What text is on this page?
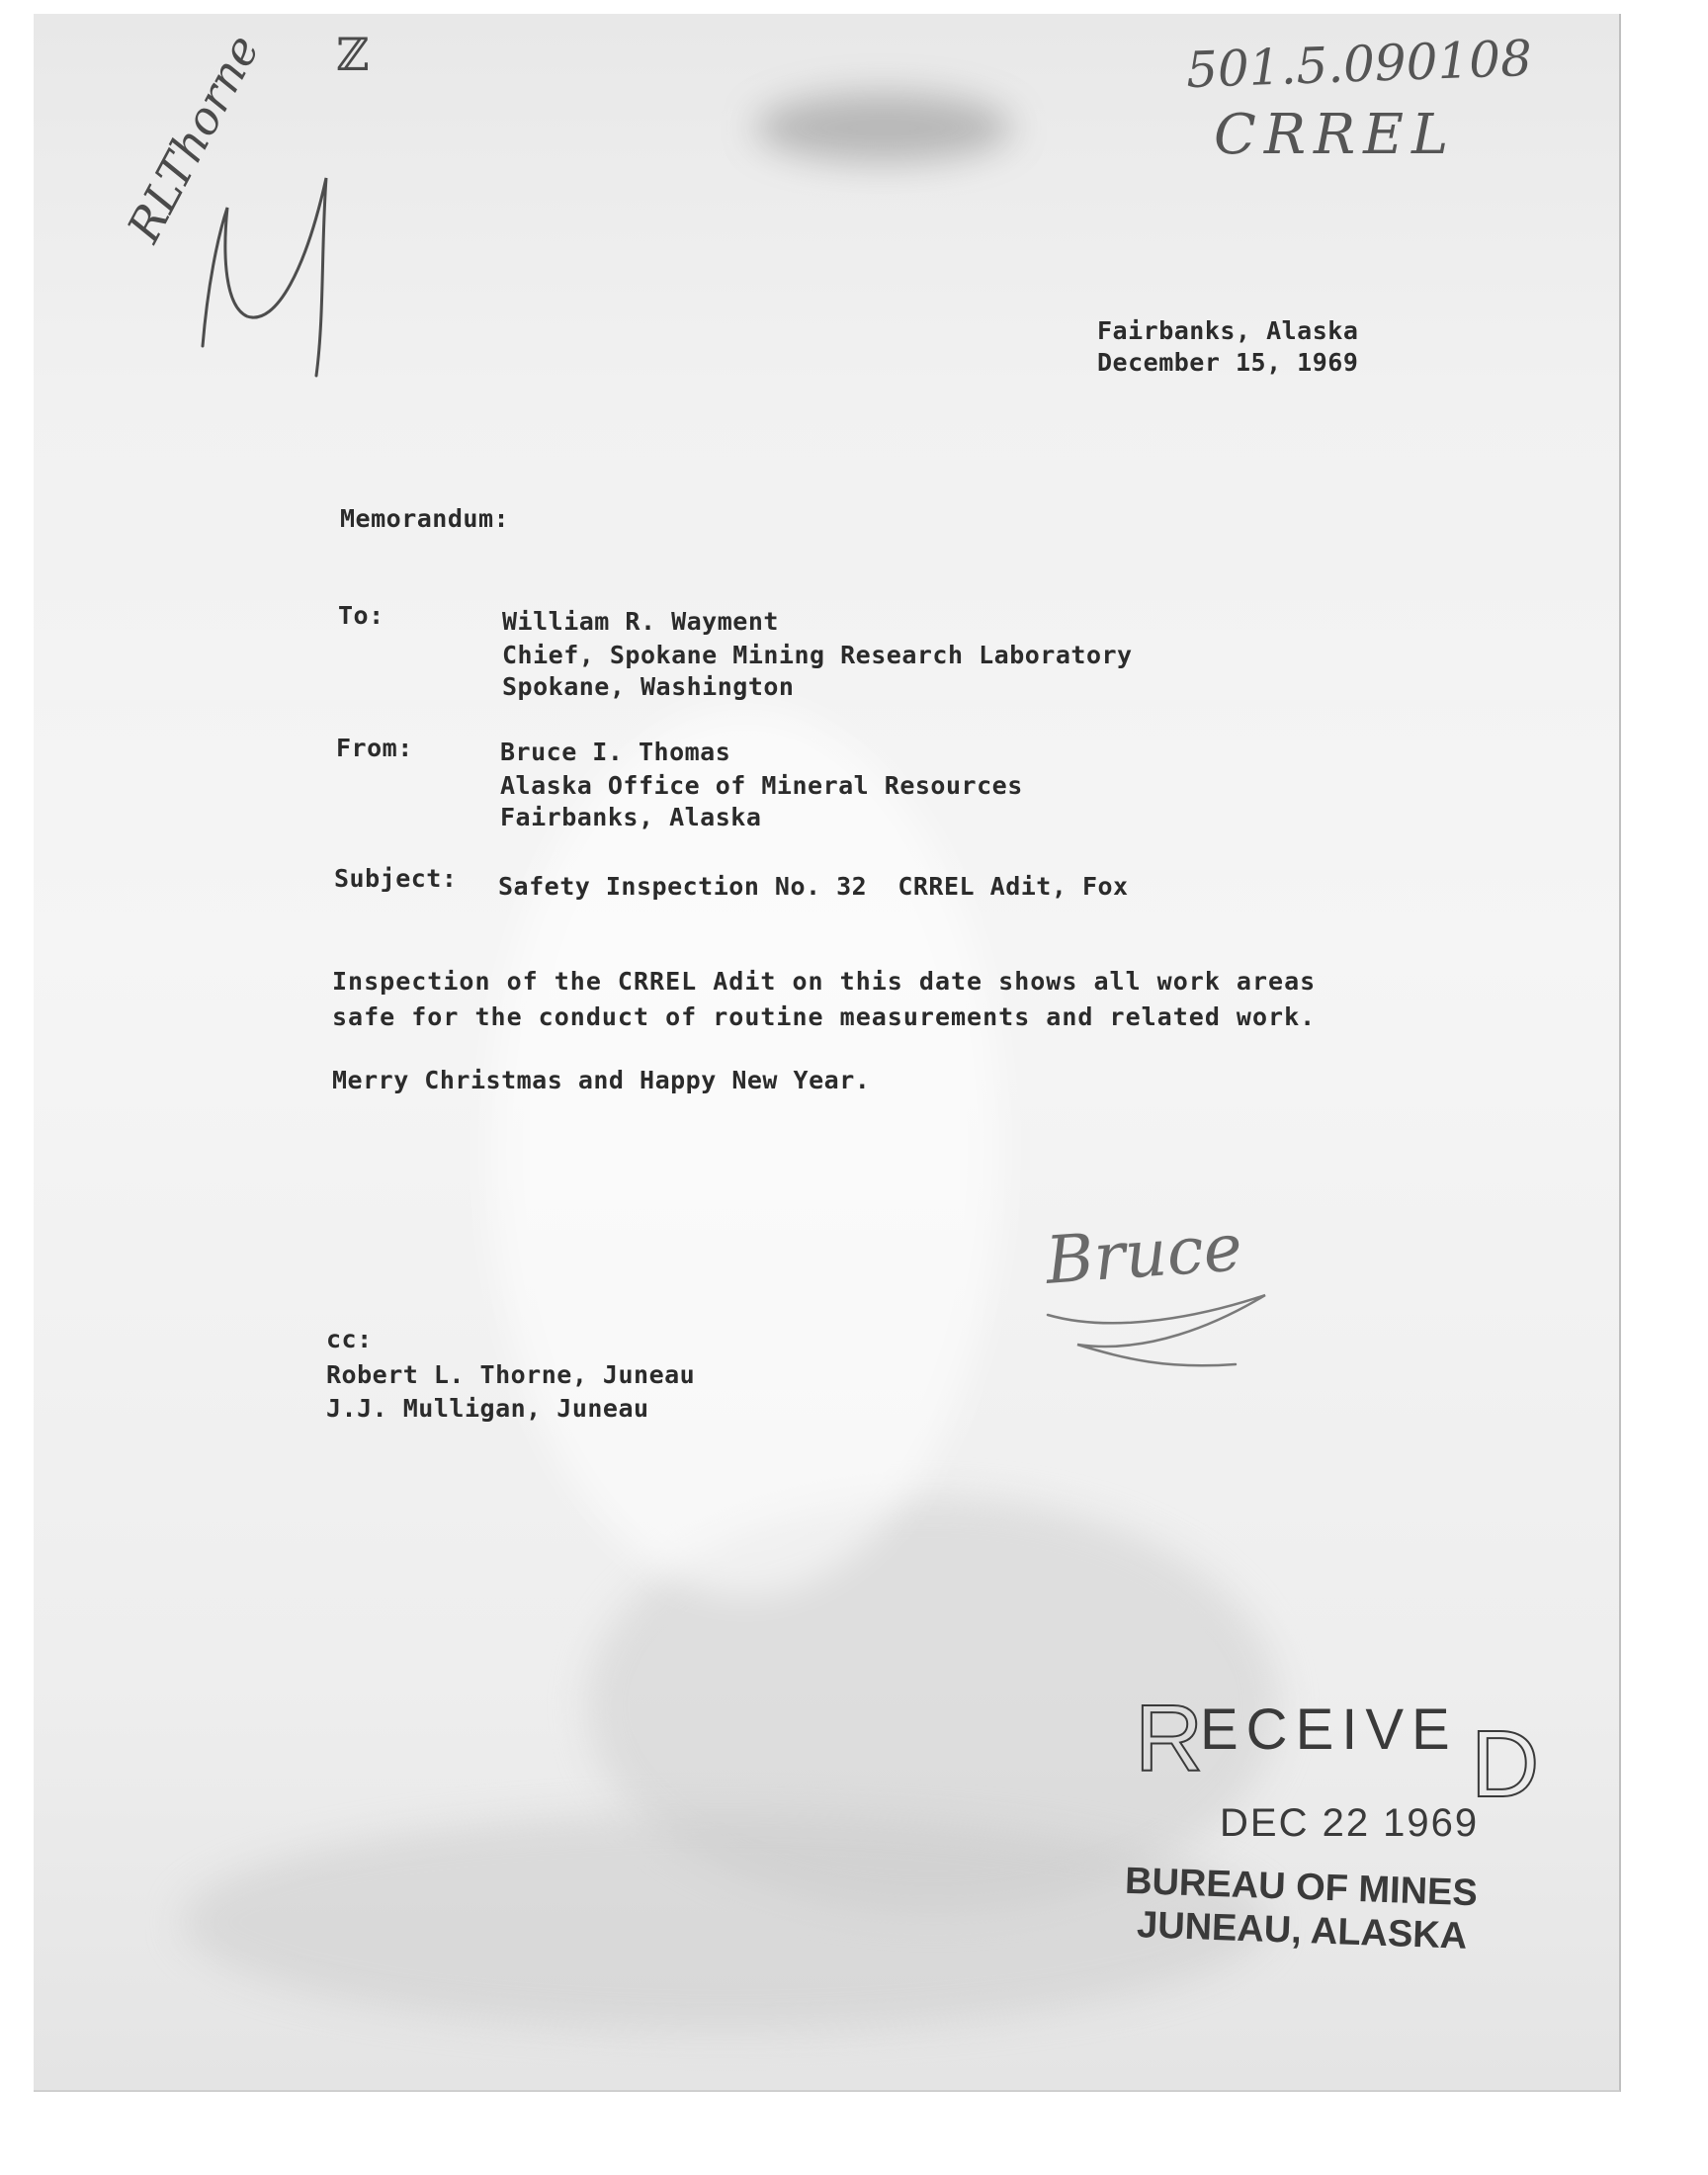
501.5.090108
CRREL
ℤ
RLThorne
Fairbanks, Alaska
December 15, 1969
Memorandum:
To:	William R. Wayment
Chief, Spokane Mining Research Laboratory
Spokane, Washington
From:	Bruce I. Thomas
Alaska Office of Mineral Resources
Fairbanks, Alaska
Subject: Safety Inspection No. 32  CRREL Adit, Fox
Inspection of the CRREL Adit on this date shows all work areas
safe for the conduct of routine measurements and related work.
Merry Christmas and Happy New Year.
Bruce
cc:
Robert L. Thorne, Juneau
J.J. Mulligan, Juneau
R
ECEIVE D
DEC 22 1969
BUREAU OF MINES
JUNEAU, ALASKA
